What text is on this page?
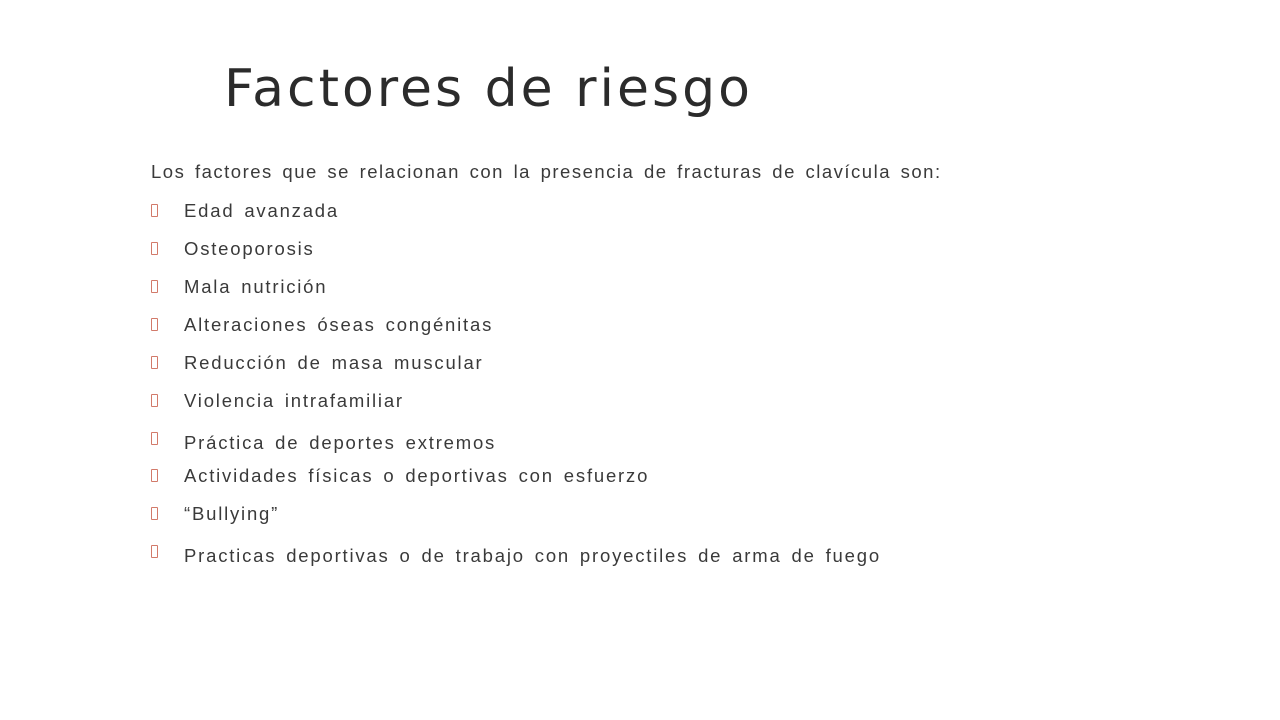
Factores de riesgo

Los factores que se relacionan con la presencia de fracturas de clavícula son:

Edad avanzada
Osteoporosis
Mala nutrición
Alteraciones óseas congénitas
Reducción de masa muscular
Violencia intrafamiliar
Práctica de deportes extremos
Actividades físicas o deportivas con esfuerzo
“Bullying”
Practicas deportivas o de trabajo con proyectiles de arma de fuego
